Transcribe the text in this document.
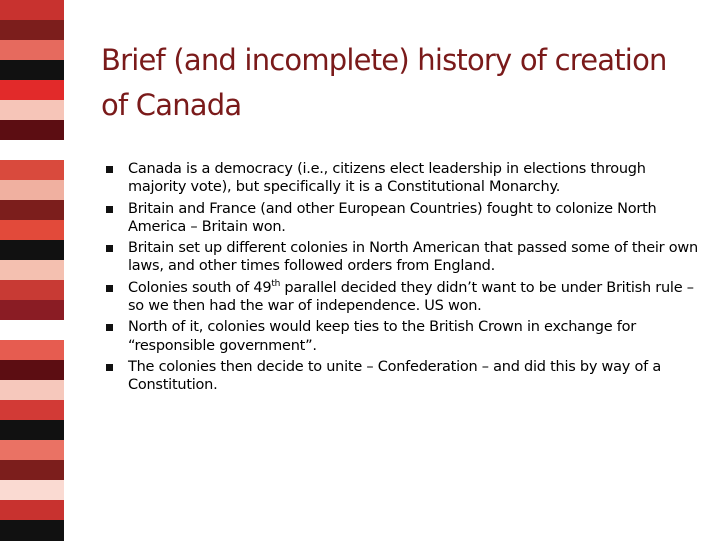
Brief (and incomplete) history of creation of Canada
Canada is a democracy (i.e., citizens elect leadership in elections through majority vote), but specifically it is a Constitutional Monarchy.
Britain and France (and other European Countries) fought to colonize North America – Britain won.
Britain set up different colonies in North American that passed some of their own laws, and other times followed orders from England.
Colonies south of 49th parallel decided they didn’t want to be under British rule – so we then had the war of independence. US won.
North of it, colonies would keep ties to the British Crown in exchange for “responsible government”.
The colonies then decide to unite – Confederation – and did this by way of a Constitution.
